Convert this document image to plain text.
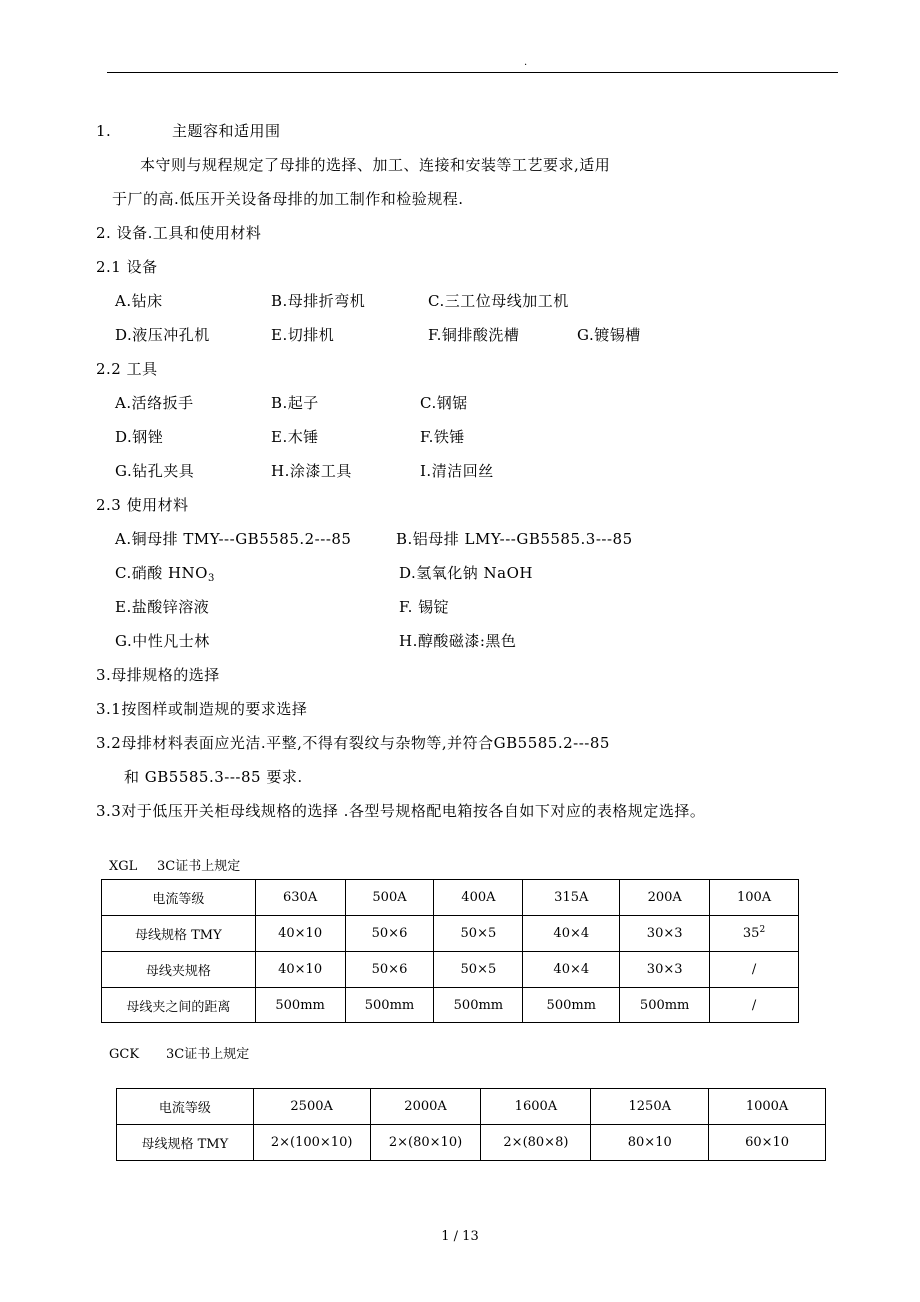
.
1.	主题容和适用围
本守则与规程规定了母排的选择、加工、连接和安装等工艺要求,适用
于厂的高.低压开关设备母排的加工制作和检验规程.
2. 设备.工具和使用材料
2.1 设备
A.钻床	B.母排折弯机	C.三工位母线加工机
D.液压冲孔机	E.切排机	F.铜排酸洗槽	G.镀锡槽
2.2 工具
A.活络扳手	B.起子	C.钢锯
D.钢锉	E.木锤	F.铁锤
G.钻孔夹具	H.涂漆工具	I.清洁回丝
2.3 使用材料
A.铜母排 TMY---GB5585.2---85	B.铝母排 LMY---GB5585.3---85
C.硝酸 $HNO_3$	D.氢氧化钠 NaOH
E.盐酸锌溶液	F. 锡锭
G.中性凡士林	H.醇酸磁漆:黑色
3.母排规格的选择
3.1按图样或制造规的要求选择
3.2母排材料表面应光洁.平整,不得有裂纹与杂物等,并符合GB5585.2---85
和 GB5585.3---85 要求.
3.3对于低压开关柜母线规格的选择 .各型号规格配电箱按各自如下对应的表格规定选择。
XGL 3C证书上规定
电流等级	630A	500A	400A	315A	200A	100A
母线规格 TMY	40×10	50×6	50×5	40×4	30×3	$35^2$
母线夹规格	40×10	50×6	50×5	40×4	30×3	/
母线夹之间的距离	500mm	500mm	500mm	500mm	500mm	/
GCK 3C证书上规定
电流等级	2500A	2000A	1600A	1250A	1000A
母线规格 TMY	2×(100×10)	2×(80×10)	2×(80×8)	80×10	60×10
1 / 13
